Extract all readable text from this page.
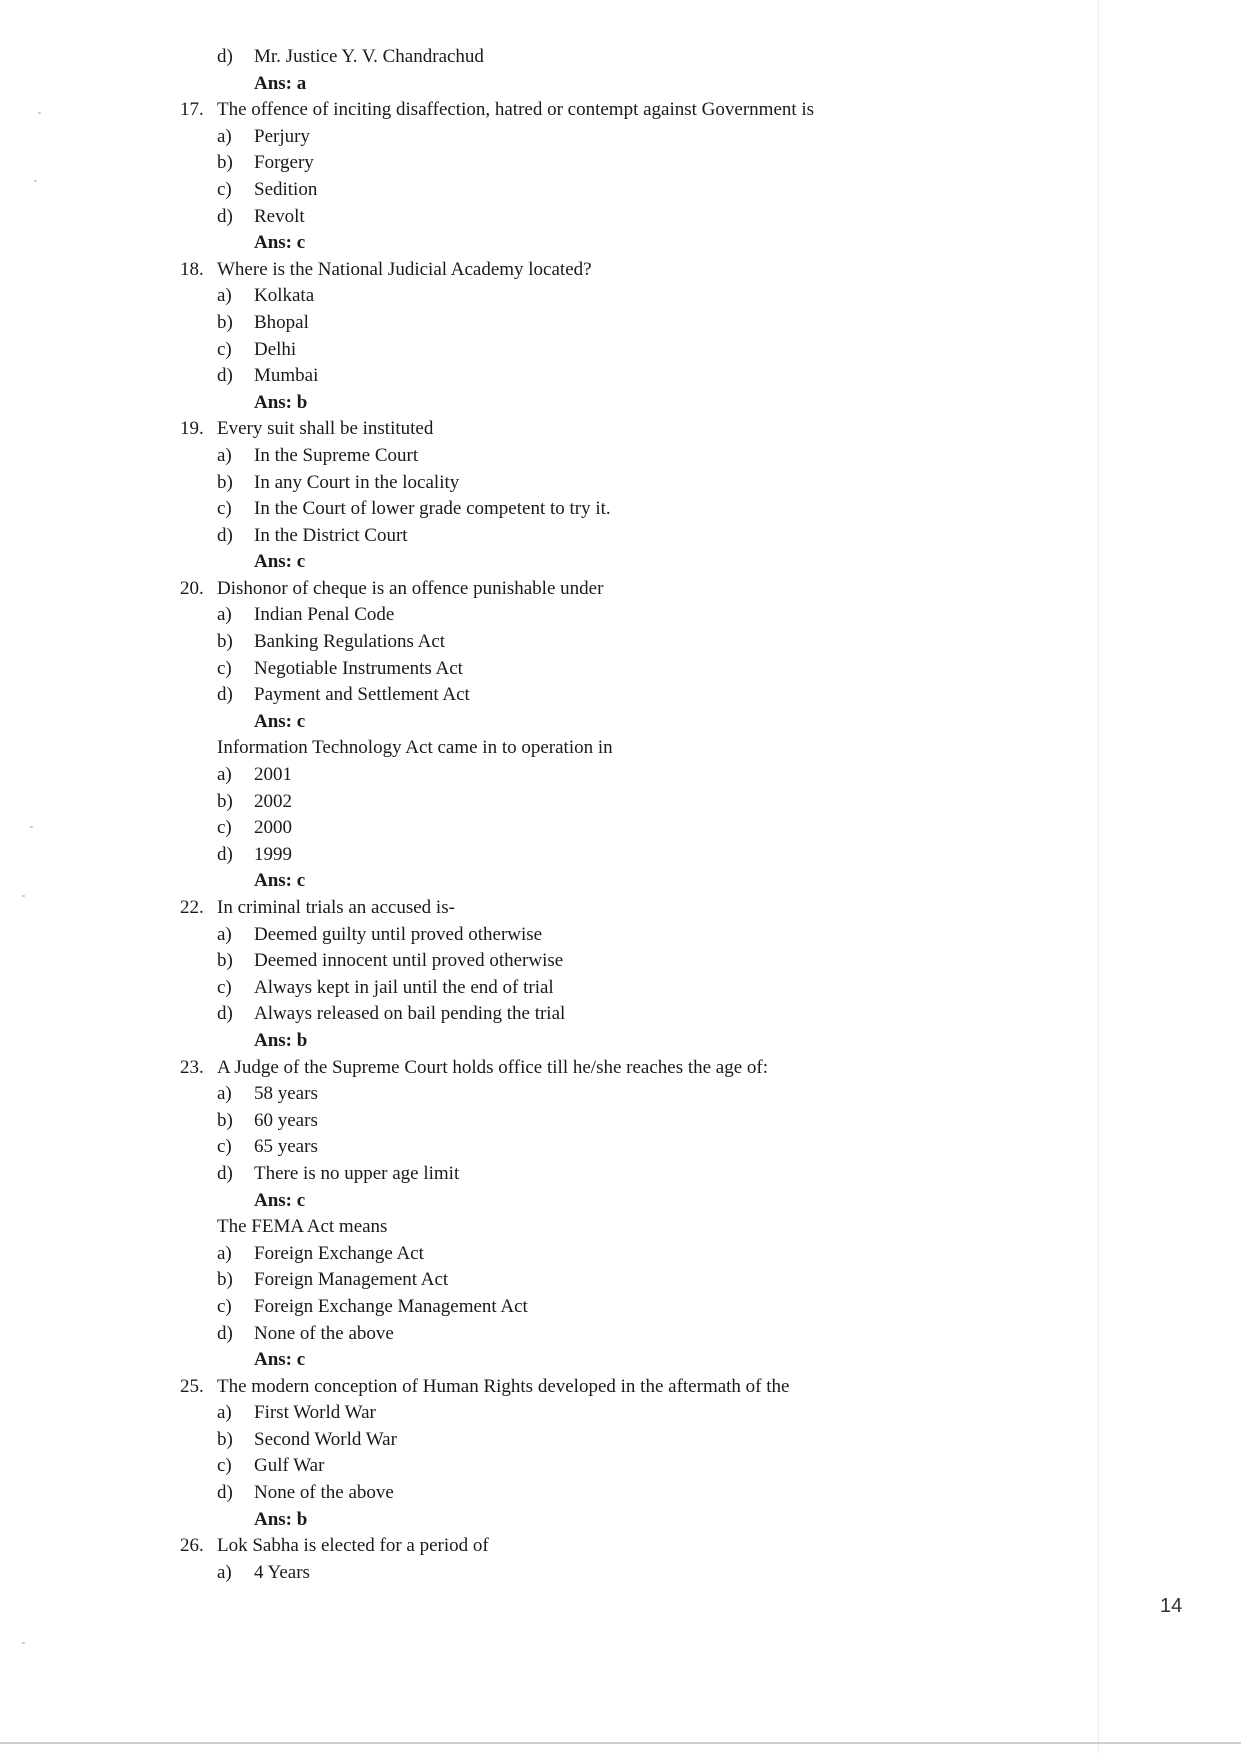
d)	Mr. Justice Y. V. Chandrachud
Ans: a
17. The offence of inciting disaffection, hatred or contempt against Government is
a)	Perjury
b)	Forgery
c)	Sedition
d)	Revolt
Ans: c
18. Where is the National Judicial Academy located?
a)	Kolkata
b)	Bhopal
c)	Delhi
d)	Mumbai
Ans: b
19. Every suit shall be instituted
a)	In the Supreme Court
b)	In any Court in the locality
c)	In the Court of lower grade competent to try it.
d)	In the District Court
Ans: c
20. Dishonor of cheque is an offence punishable under
a)	Indian Penal Code
b)	Banking Regulations Act
c)	Negotiable Instruments Act
d)	Payment and Settlement Act
Ans: c
Information Technology Act came in to operation in
a)	2001
b)	2002
c)	2000
d)	1999
Ans: c
22. In criminal trials an accused is-
a)	Deemed guilty until proved otherwise
b)	Deemed innocent until proved otherwise
c)	Always kept in jail until the end of trial
d)	Always released on bail pending the trial
Ans: b
23. A Judge of the Supreme Court holds office till he/she reaches the age of:
a)	58 years
b)	60 years
c)	65 years
d)	There is no upper age limit
Ans: c
The FEMA Act means
a)	Foreign Exchange Act
b)	Foreign Management Act
c)	Foreign Exchange Management Act
d)	None of the above
Ans: c
25. The modern conception of Human Rights developed in the aftermath of the
a)	First World War
b)	Second World War
c)	Gulf War
d)	None of the above
Ans: b
26. Lok Sabha is elected for a period of
a)	4 Years
14
